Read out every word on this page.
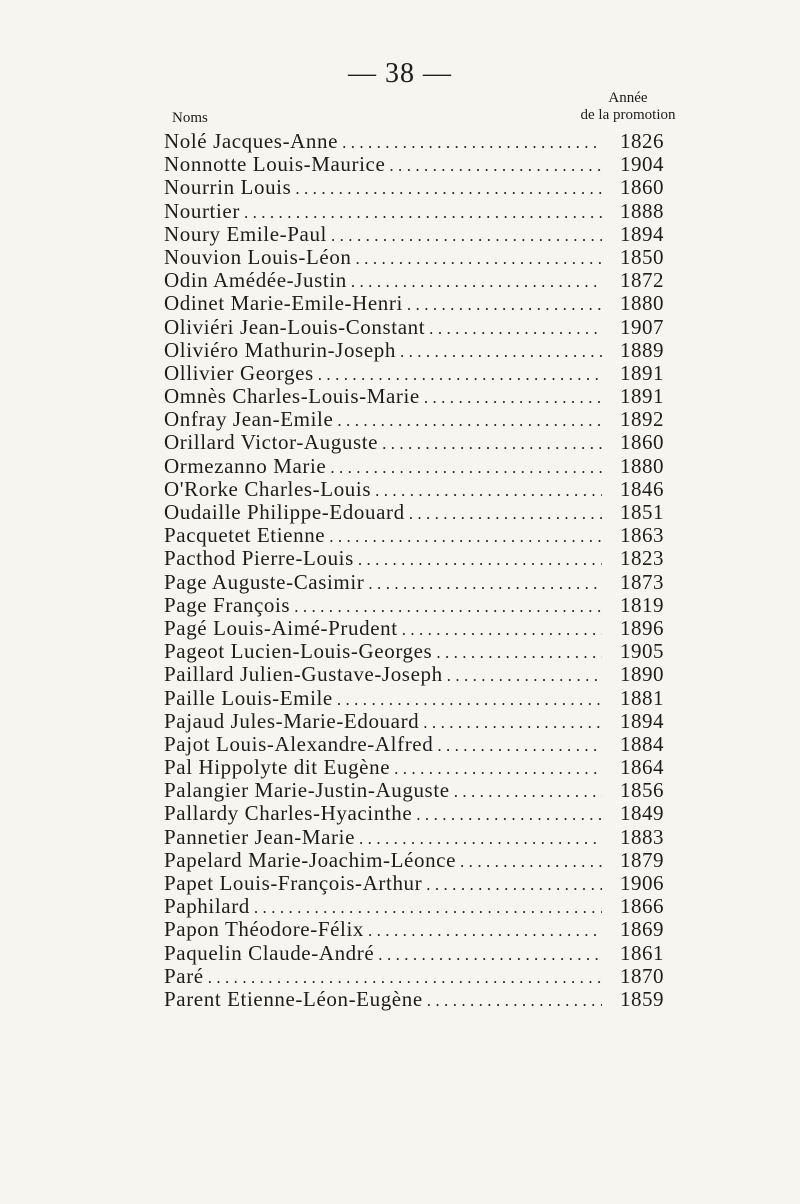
— 38 —
Noms
Année
de la promotion
Nolé Jacques-Anne .....	1826
Nonnotte Louis-Maurice .....	1904
Nourrin Louis .....	1860
Nourtier .....	1888
Noury Emile-Paul .....	1894
Nouvion Louis-Léon .....	1850
Odin Amédée-Justin .....	1872
Odinet Marie-Emile-Henri .....	1880
Oliviéri Jean-Louis-Constant .....	1907
Oliviéro Mathurin-Joseph .....	1889
Ollivier Georges .....	1891
Omnès Charles-Louis-Marie .....	1891
Onfray Jean-Emile .....	1892
Orillard Victor-Auguste .....	1860
Ormezanno Marie .....	1880
O'Rorke Charles-Louis .....	1846
Oudaille Philippe-Edouard .....	1851
Pacquetet Etienne .....	1863
Pacthod Pierre-Louis .....	1823
Page Auguste-Casimir .....	1873
Page François .....	1819
Pagé Louis-Aimé-Prudent .....	1896
Pageot Lucien-Louis-Georges .....	1905
Paillard Julien-Gustave-Joseph .....	1890
Paille Louis-Emile .....	1881
Pajaud Jules-Marie-Edouard .....	1894
Pajot Louis-Alexandre-Alfred .....	1884
Pal Hippolyte dit Eugène .....	1864
Palangier Marie-Justin-Auguste .....	1856
Pallardy Charles-Hyacinthe .....	1849
Pannetier Jean-Marie .....	1883
Papelard Marie-Joachim-Léonce .....	1879
Papet Louis-François-Arthur .....	1906
Paphilard .....	1866
Papon Théodore-Félix .....	1869
Paquelin Claude-André .....	1861
Paré .....	1870
Parent Etienne-Léon-Eugène .....	1859
